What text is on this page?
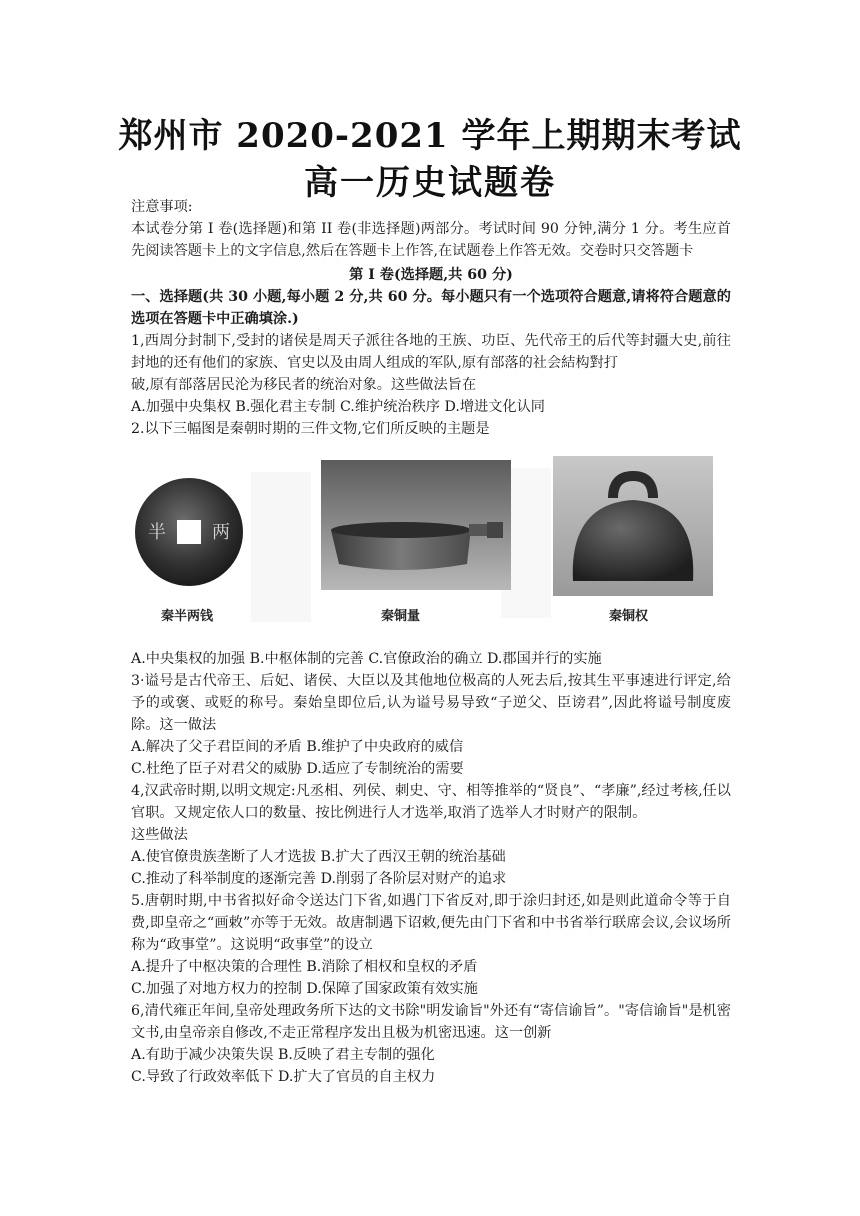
郑州市 2020-2021 学年上期期末考试
高一历史试题卷

注意事项:

本试卷分第 I 卷(选择题)和第 II 卷(非选择题)两部分。考试时间 90 分钟,满分 1 分。考生应首先阅读答题卡上的文字信息,然后在答题卡上作答,在试题卷上作答无效。交卷时只交答题卡

第 I 卷(选择题,共 60 分)

一、选择题(共 30 小题,每小题 2 分,共 60 分。每小题只有一个选项符合题意,请将符合题意的选项在答题卡中正确填涂.)

1,西周分封制下,受封的诸侯是周天子派往各地的王族、功臣、先代帝王的后代等封疆大史,前往封地的还有他们的家族、官史以及由周人组成的军队,原有部落的社会結构對打

破,原有部落居民沦为移民者的统治对象。这些做法旨在

A.加强中央集权 B.强化君主专制 C.维护统治秩序 D.增进文化认同

2.以下三幅图是秦朝时期的三件文物,它们所反映的主题是

半	两
秦半两钱	秦铜量	秦铜权

A.中央集权的加强 B.中枢体制的完善 C.官僚政治的确立 D.郡国并行的实施

3·谥号是古代帝王、后妃、诸侯、大臣以及其他地位极高的人死去后,按其生平事速进行评定,给予的或褒、或贬的称号。秦始皇即位后,认为谥号易导致“子逆父、臣谤君”,因此将谥号制度废除。这一做法

A.解决了父子君臣间的矛盾 B.维护了中央政府的威信

C.杜绝了臣子对君父的威胁 D.适应了专制统治的需要

4,汉武帝时期,以明文规定:凡丞相、列侯、刺史、守、相等推举的“贤良”、“孝廉”,经过考核,任以官职。又规定依人口的数量、按比例进行人才选举,取消了选举人才时财产的限制。

这些做法

A.使官僚贵族垄断了人才选拔 B.扩大了西汉王朝的统治基础

C.推动了科举制度的逐渐完善 D.削弱了各阶层对财产的追求

5.唐朝时期,中书省拟好命令送达门下省,如遇门下省反对,即于涂归封还,如是则此道命令等于自费,即皇帝之“画敕”亦等于无效。故唐制遇下诏敕,便先由门下省和中书省举行联席会议,会议场所称为“政事堂”。这说明“政事堂”的设立

A.提升了中枢决策的合理性 B.消除了相权和皇权的矛盾

C.加强了对地方权力的控制 D.保障了国家政策有效实施

6,清代雍正年间,皇帝处理政务所下达的文书除"明发谕旨"外还有“寄信谕旨”。"寄信谕旨"是机密文书,由皇帝亲自修改,不走正常程序发出且极为机密迅速。这一创新

A.有助于减少决策失误 B.反映了君主专制的强化

C.导致了行政效率低下 D.扩大了官员的自主权力
